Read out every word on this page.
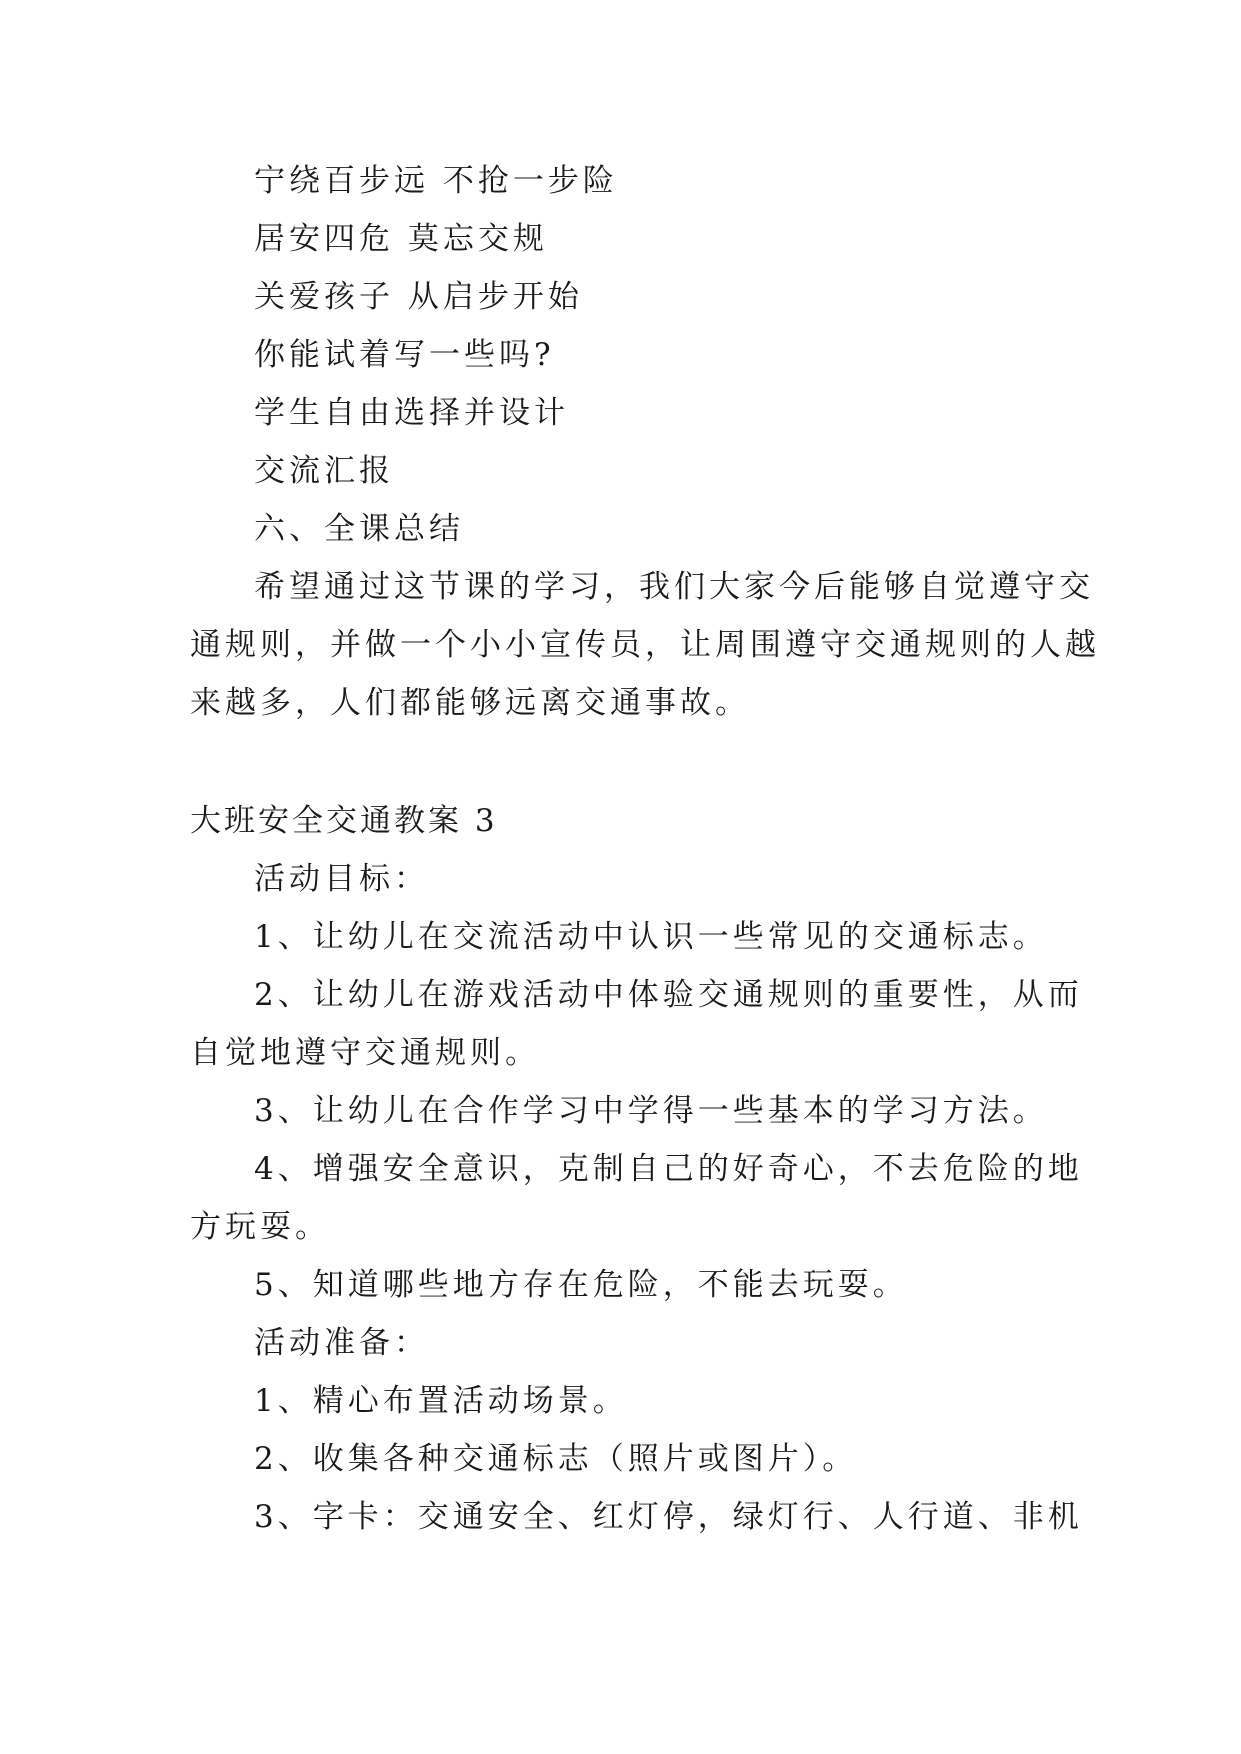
宁绕百步远 不抢一步险
居安四危 莫忘交规
关爱孩子 从启步开始
你能试着写一些吗?
学生自由选择并设计
交流汇报
六、全课总结
希望通过这节课的学习，我们大家今后能够自觉遵守交
通规则，并做一个小小宣传员，让周围遵守交通规则的人越
来越多，人们都能够远离交通事故。
大班安全交通教案 3
活动目标：
1、让幼儿在交流活动中认识一些常见的交通标志。
2、让幼儿在游戏活动中体验交通规则的重要性，从而
自觉地遵守交通规则。
3、让幼儿在合作学习中学得一些基本的学习方法。
4、增强安全意识，克制自己的好奇心，不去危险的地
方玩耍。
5、知道哪些地方存在危险，不能去玩耍。
活动准备：
1、精心布置活动场景。
2、收集各种交通标志（照片或图片）。
3、字卡：交通安全、红灯停，绿灯行、人行道、非机
